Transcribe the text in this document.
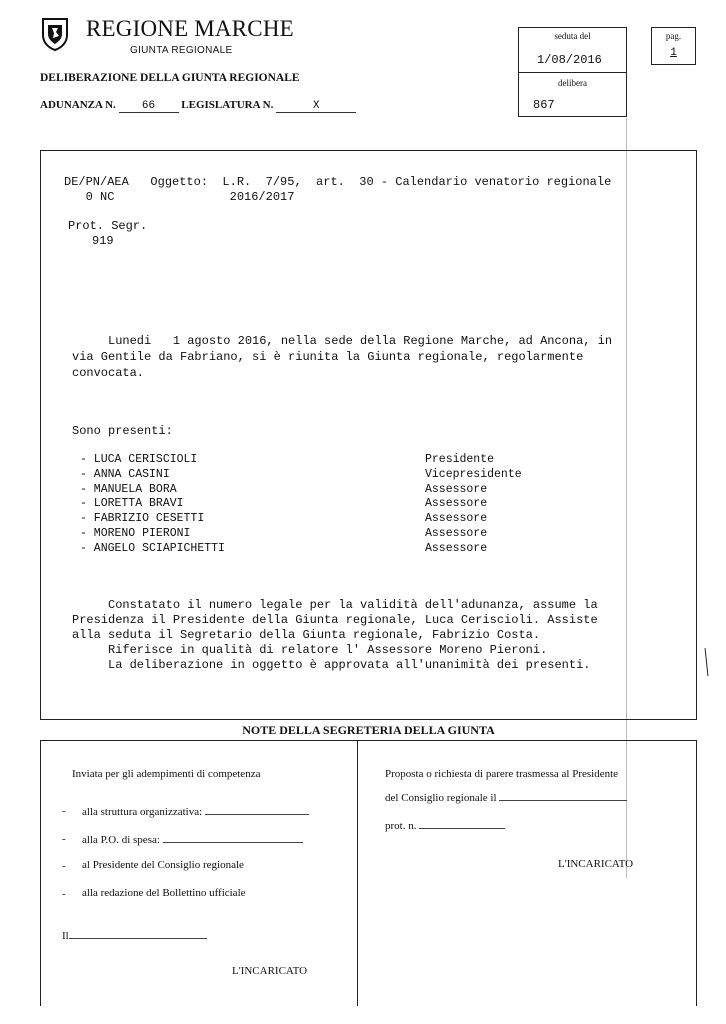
REGIONE MARCHE
GIUNTA REGIONALE
DELIBERAZIONE DELLA GIUNTA REGIONALE
ADUNANZA N. 66 LEGISLATURA N.	X
seduta del
1/08/2016
delibera
867
pag.
1
DE/PN/AEA   Oggetto:  L.R.  7/95,  art.  30 - Calendario venatorio regionale
0 NC                2016/2017
Prot. Segr.
919
Lunedi   1 agosto 2016, nella sede della Regione Marche, ad Ancona, in
via Gentile da Fabriano, si è riunita la Giunta regionale, regolarmente
convocata.
Sono presenti:
- LUCA CERISCIOLI	Presidente
- ANNA CASINI	Vicepresidente
- MANUELA BORA	Assessore
- LORETTA BRAVI	Assessore
- FABRIZIO CESETTI	Assessore
- MORENO PIERONI	Assessore
- ANGELO SCIAPICHETTI	Assessore
Constatato il numero legale per la validità dell'adunanza, assume la
Presidenza il Presidente della Giunta regionale, Luca Ceriscioli. Assiste
alla seduta il Segretario della Giunta regionale, Fabrizio Costa.
Riferisce in qualità di relatore l' Assessore Moreno Pieroni.
La deliberazione in oggetto è approvata all'unanimità dei presenti.
NOTE DELLA SEGRETERIA DELLA GIUNTA
Inviata per gli adempimenti di competenza
- alla struttura organizzativa:
- alla P.O. di spesa:
- al Presidente del Consiglio regionale
- alla redazione del Bollettino ufficiale
Il
L'INCARICATO
Proposta o richiesta di parere trasmessa al Presidente
del Consiglio regionale il
prot. n.
L'INCARICATO
